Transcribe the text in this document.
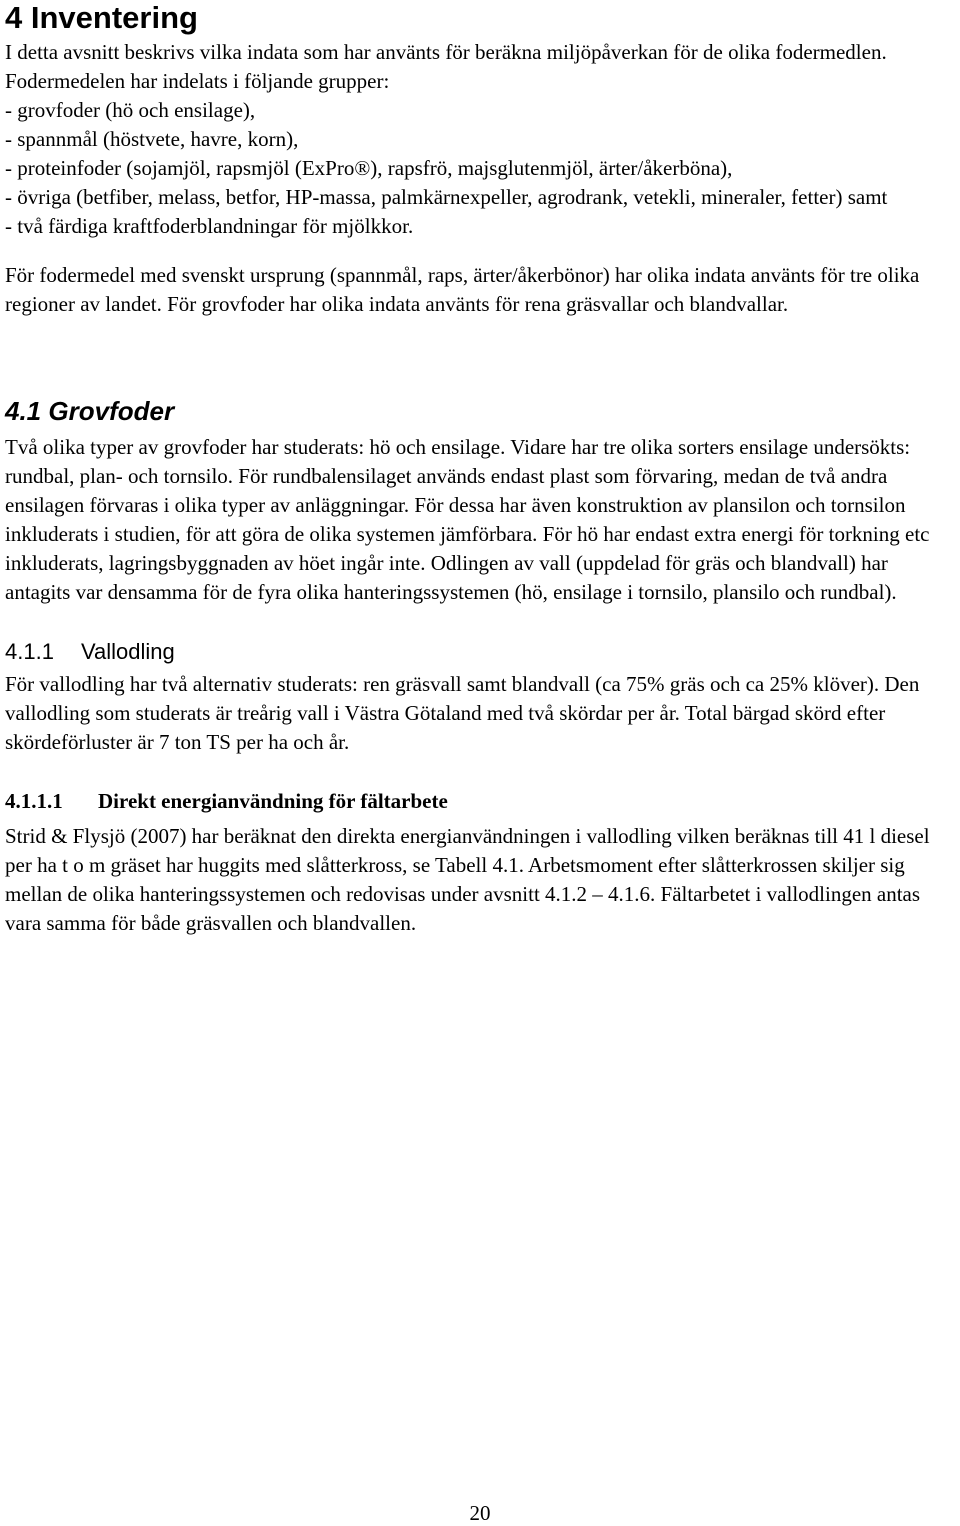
4 Inventering
I detta avsnitt beskrivs vilka indata som har använts för beräkna miljöpåverkan för de olika fodermedlen. Fodermedelen har indelats i följande grupper:
- grovfoder (hö och ensilage),
- spannmål (höstvete, havre, korn),
- proteinfoder (sojamjöl, rapsmjöl (ExPro®), rapsfrö, majsglutenmjöl, ärter/åkerböna),
- övriga (betfiber, melass, betfor, HP-massa, palmkärnexpeller, agrodrank, vetekli, mineraler, fetter) samt
- två färdiga kraftfoderblandningar för mjölkkor.

För fodermedel med svenskt ursprung (spannmål, raps, ärter/åkerbönor) har olika indata använts för tre olika regioner av landet. För grovfoder har olika indata använts för rena gräsvallar och blandvallar.

4.1 Grovfoder

Två olika typer av grovfoder har studerats: hö och ensilage. Vidare har tre olika sorters ensilage undersökts: rundbal, plan- och tornsilo. För rundbalensilaget används endast plast som förvaring, medan de två andra ensilagen förvaras i olika typer av anläggningar. För dessa har även konstruktion av plansilon och tornsilon inkluderats i studien, för att göra de olika systemen jämförbara. För hö har endast extra energi för torkning etc inkluderats, lagringsbyggnaden av höet ingår inte. Odlingen av vall (uppdelad för gräs och blandvall) har antagits var densamma för de fyra olika hanteringssystemen (hö, ensilage i tornsilo, plansilo och rundbal).

4.1.1 Vallodling

För vallodling har två alternativ studerats: ren gräsvall samt blandvall (ca 75% gräs och ca 25% klöver). Den vallodling som studerats är treårig vall i Västra Götaland med två skördar per år. Total bärgad skörd efter skördeförluster är 7 ton TS per ha och år.

4.1.1.1 Direkt energianvändning för fältarbete

Strid & Flysjö (2007) har beräknat den direkta energianvändningen i vallodling vilken beräknas till 41 l diesel per ha t o m gräset har huggits med slåtterkross, se Tabell 4.1. Arbetsmoment efter slåtterkrossen skiljer sig mellan de olika hanteringssystemen och redovisas under avsnitt 4.1.2 – 4.1.6. Fältarbetet i vallodlingen antas vara samma för både gräsvallen och blandvallen.

20
